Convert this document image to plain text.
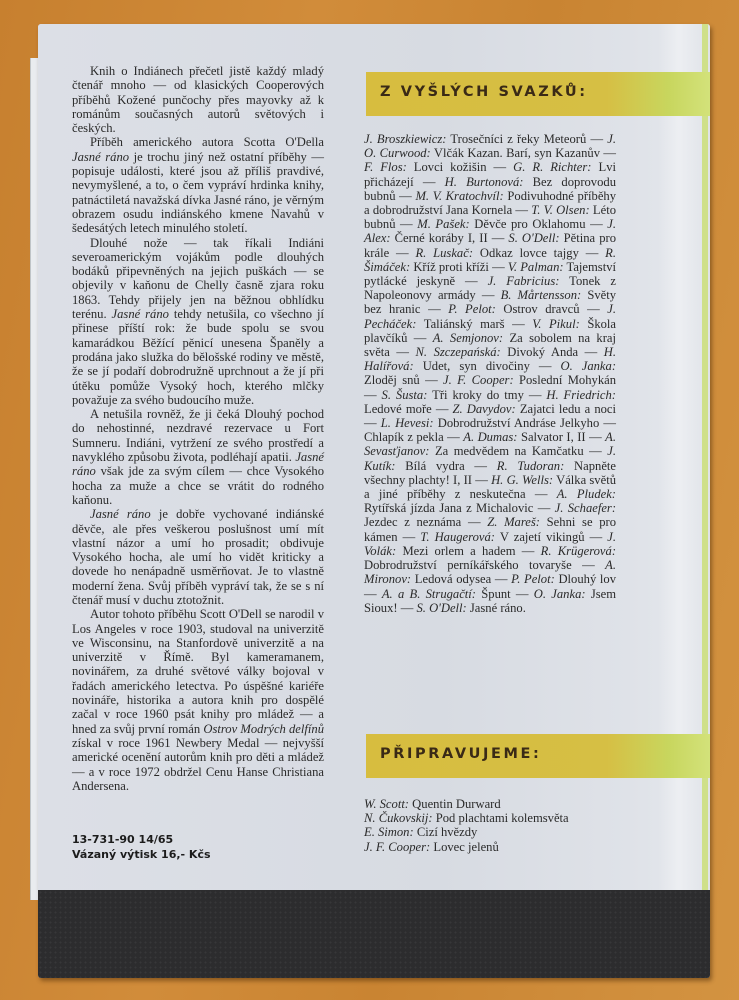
Knih o Indiánech přečetl jistě každý mladý čtenář mnoho — od klasických Cooperových příběhů Kožené punčochy přes mayovky až k románům současných autorů světových i českých.

Příběh amerického autora Scotta O'Della Jasné ráno je trochu jiný než ostatní příběhy — popisuje události, které jsou až příliš pravdivé, nevymyšlené, a to, o čem vypráví hrdinka knihy, patnáctiletá navažská dívka Jasné ráno, je věrným obrazem osudu indiánského kmene Navahů v šedesátých letech minulého století.

Dlouhé nože — tak říkali Indiáni severoamerickým vojákům podle dlouhých bodáků připevněných na jejich puškách — se objevily v kaňonu de Chelly časně zjara roku 1863. Tehdy přijely jen na běžnou obhlídku terénu. Jasné ráno tehdy netušila, co všechno jí přinese příští rok: že bude spolu se svou kamarádkou Běžící pěnicí unesena Španěly a prodána jako služka do bělošské rodiny ve městě, že se jí podaří dobrodružně uprchnout a že jí při útěku pomůže Vysoký hoch, kterého mlčky považuje za svého budoucího muže.

A netušila rovněž, že ji čeká Dlouhý pochod do nehostinné, nezdravé rezervace u Fort Sumneru. Indiáni, vytržení ze svého prostředí a navyklého způsobu života, podléhají apatii. Jasné ráno však jde za svým cílem — chce Vysokého hocha za muže a chce se vrátit do rodného kaňonu.

Jasné ráno je dobře vychované indiánské děvče, ale přes veškerou poslušnost umí mít vlastní názor a umí ho prosadit; obdivuje Vysokého hocha, ale umí ho vidět kriticky a dovede ho nenápadně usměrňovat. Je to vlastně moderní žena. Svůj příběh vypráví tak, že se s ní čtenář musí v duchu ztotožnit.

Autor tohoto příběhu Scott O'Dell se narodil v Los Angeles v roce 1903, studoval na univerzitě ve Wisconsinu, na Stanfordově univerzitě a na univerzitě v Římě. Byl kameramanem, novinářem, za druhé světové války bojoval v řadách amerického letectva. Po úspěšné kariéře novináře, historika a autora knih pro dospělé začal v roce 1960 psát knihy pro mládež — a hned za svůj první román Ostrov Modrých delfínů získal v roce 1961 Newbery Medal — nejvyšší americké ocenění autorům knih pro děti a mládež — a v roce 1972 obdržel Cenu Hanse Christiana Andersena.

13-731-90 14/65
Vázaný výtisk 16,- Kčs
Z VYŠLÝCH SVAZKŮ:
J. Broszkiewicz: Trosečníci z řeky Meteorů — J. O. Curwood: Vlčák Kazan. Barí, syn Kazanův — F. Flos: Lovci kožišin — G. R. Richter: Lvi přicházejí — H. Burtonová: Bez doprovodu bubnů — M. V. Kratochvíl: Podivuhodné příběhy a dobrodružství Jana Kornela — T. V. Olsen: Léto bubnů — M. Pašek: Děvče pro Oklahomu — J. Alex: Černé koráby I, II — S. O'Dell: Pětina pro krále — R. Luskač: Odkaz lovce tajgy — R. Šimáček: Kříž proti kříži — V. Palman: Tajemství pytlácké jeskyně — J. Fabricius: Tonek z Napoleonovy armády — B. Mårtensson: Světy bez hranic — P. Pelot: Ostrov dravců — J. Pecháček: Taliánský marš — V. Pikul: Škola plavčíků — A. Semjonov: Za sobolem na kraj světa — N. Szczepańská: Divoký Anda — H. Halířová: Udet, syn divočiny — O. Janka: Zloděj snů — J. F. Cooper: Poslední Mohykán — S. Šusta: Tři kroky do tmy — H. Friedrich: Ledové moře — Z. Davydov: Zajatci ledu a noci — L. Hevesi: Dobrodružství Andráse Jelkyho — Chlapík z pekla — A. Dumas: Salvator I, II — A. Sevasťjanov: Za medvědem na Kamčatku — J. Kutík: Bílá vydra — R. Tudoran: Napněte všechny plachty! I, II — H. G. Wells: Válka světů a jiné příběhy z neskutečna — A. Pludek: Rytířská jízda Jana z Michalovic — J. Schaefer: Jezdec z neznáma — Z. Mareš: Sehni se pro kámen — T. Haugerová: V zajetí vikingů — J. Volák: Mezi orlem a hadem — R. Krügerová: Dobrodružství perníkářského tovaryše — A. Mironov: Ledová odysea — P. Pelot: Dlouhý lov — A. a B. Strugačtí: Špunt — O. Janka: Jsem Sioux! — S. O'Dell: Jasné ráno.
PŘIPRAVUJEME:
W. Scott: Quentin Durward
N. Čukovskij: Pod plachtami kolemsvěta
E. Simon: Cizí hvězdy
J. F. Cooper: Lovec jelenů
